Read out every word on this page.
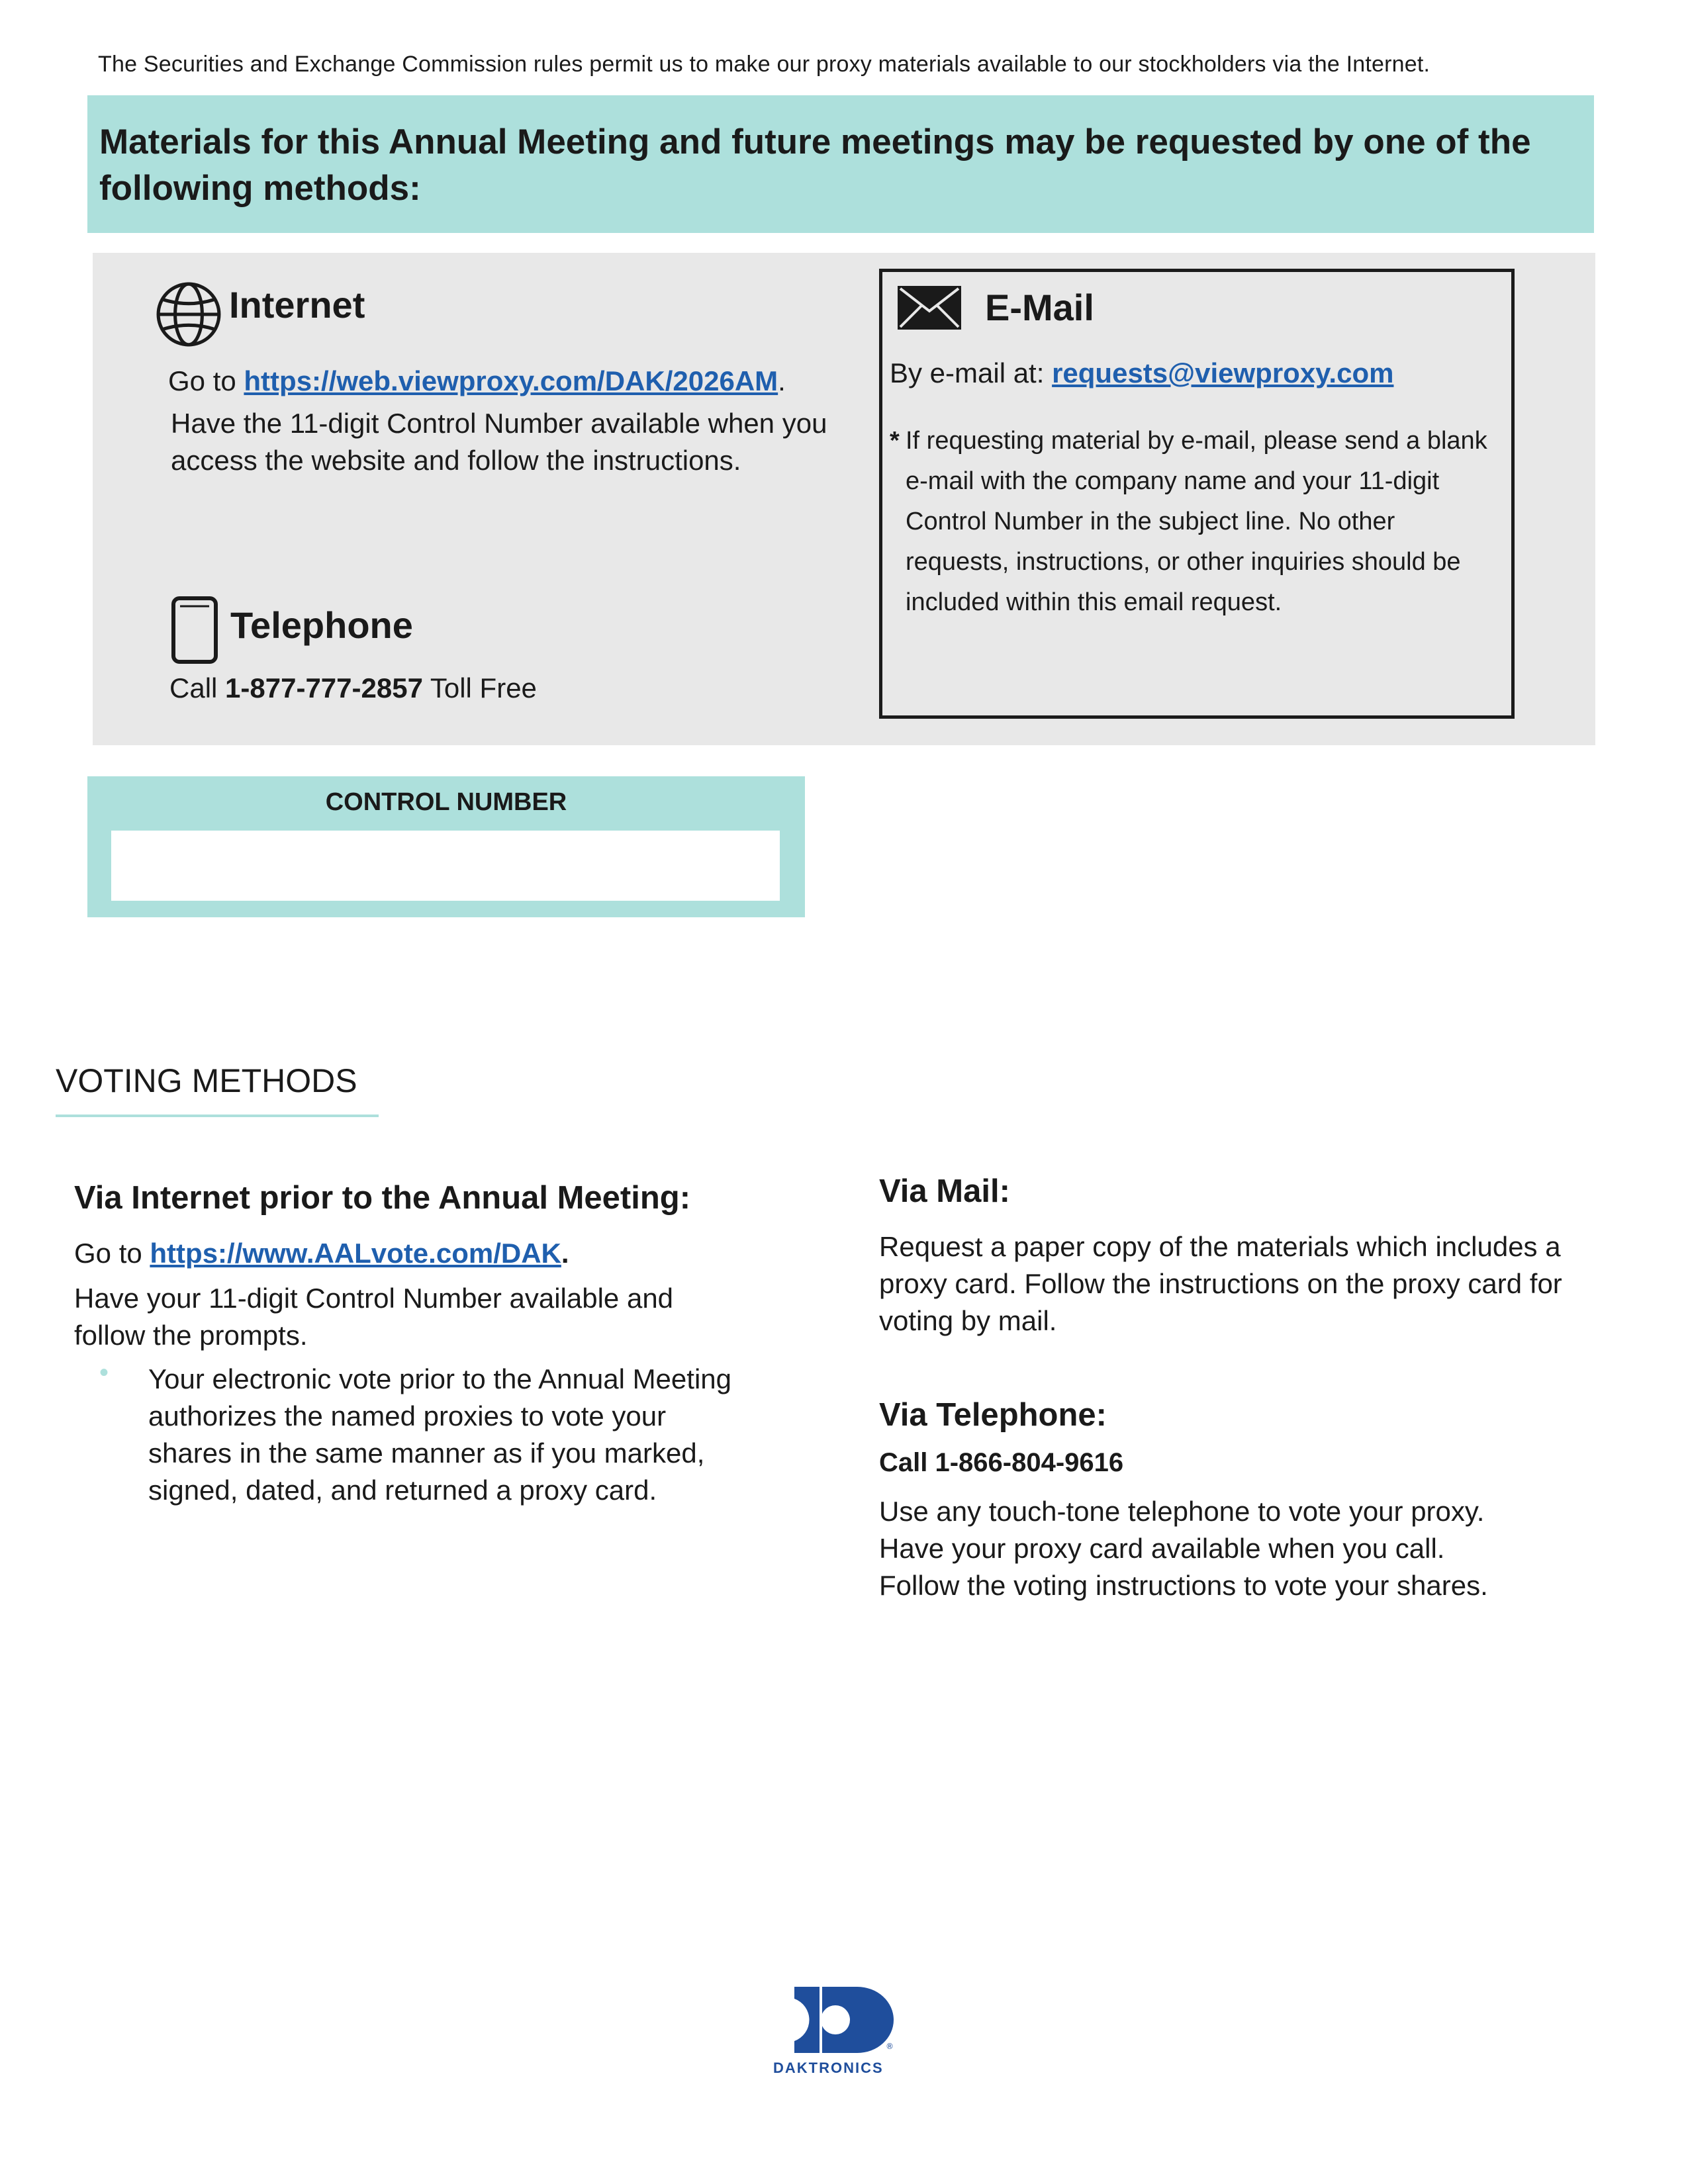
The Securities and Exchange Commission rules permit us to make our proxy materials available to our stockholders via the Internet.
Materials for this Annual Meeting and future meetings may be requested by one of the following methods:
Internet
Go to https://web.viewproxy.com/DAK/2026AM.
Have the 11-digit Control Number available when you access the website and follow the instructions.
Telephone
Call 1-877-777-2857 Toll Free
E-Mail
By e-mail at: requests@viewproxy.com
* If requesting material by e-mail, please send a blank e-mail with the company name and your 11-digit Control Number in the subject line. No other requests, instructions, or other inquiries should be included within this email request.
CONTROL NUMBER
VOTING METHODS
Via Internet prior to the Annual Meeting:
Go to https://www.AALvote.com/DAK.
Have your 11-digit Control Number available and follow the prompts.
• Your electronic vote prior to the Annual Meeting authorizes the named proxies to vote your shares in the same manner as if you marked, signed, dated, and returned a proxy card.
Via Mail:
Request a paper copy of the materials which includes a proxy card. Follow the instructions on the proxy card for voting by mail.
Via Telephone:
Call 1-866-804-9616
Use any touch-tone telephone to vote your proxy.
Have your proxy card available when you call.
Follow the voting instructions to vote your shares.
®
DAKTRONICS
